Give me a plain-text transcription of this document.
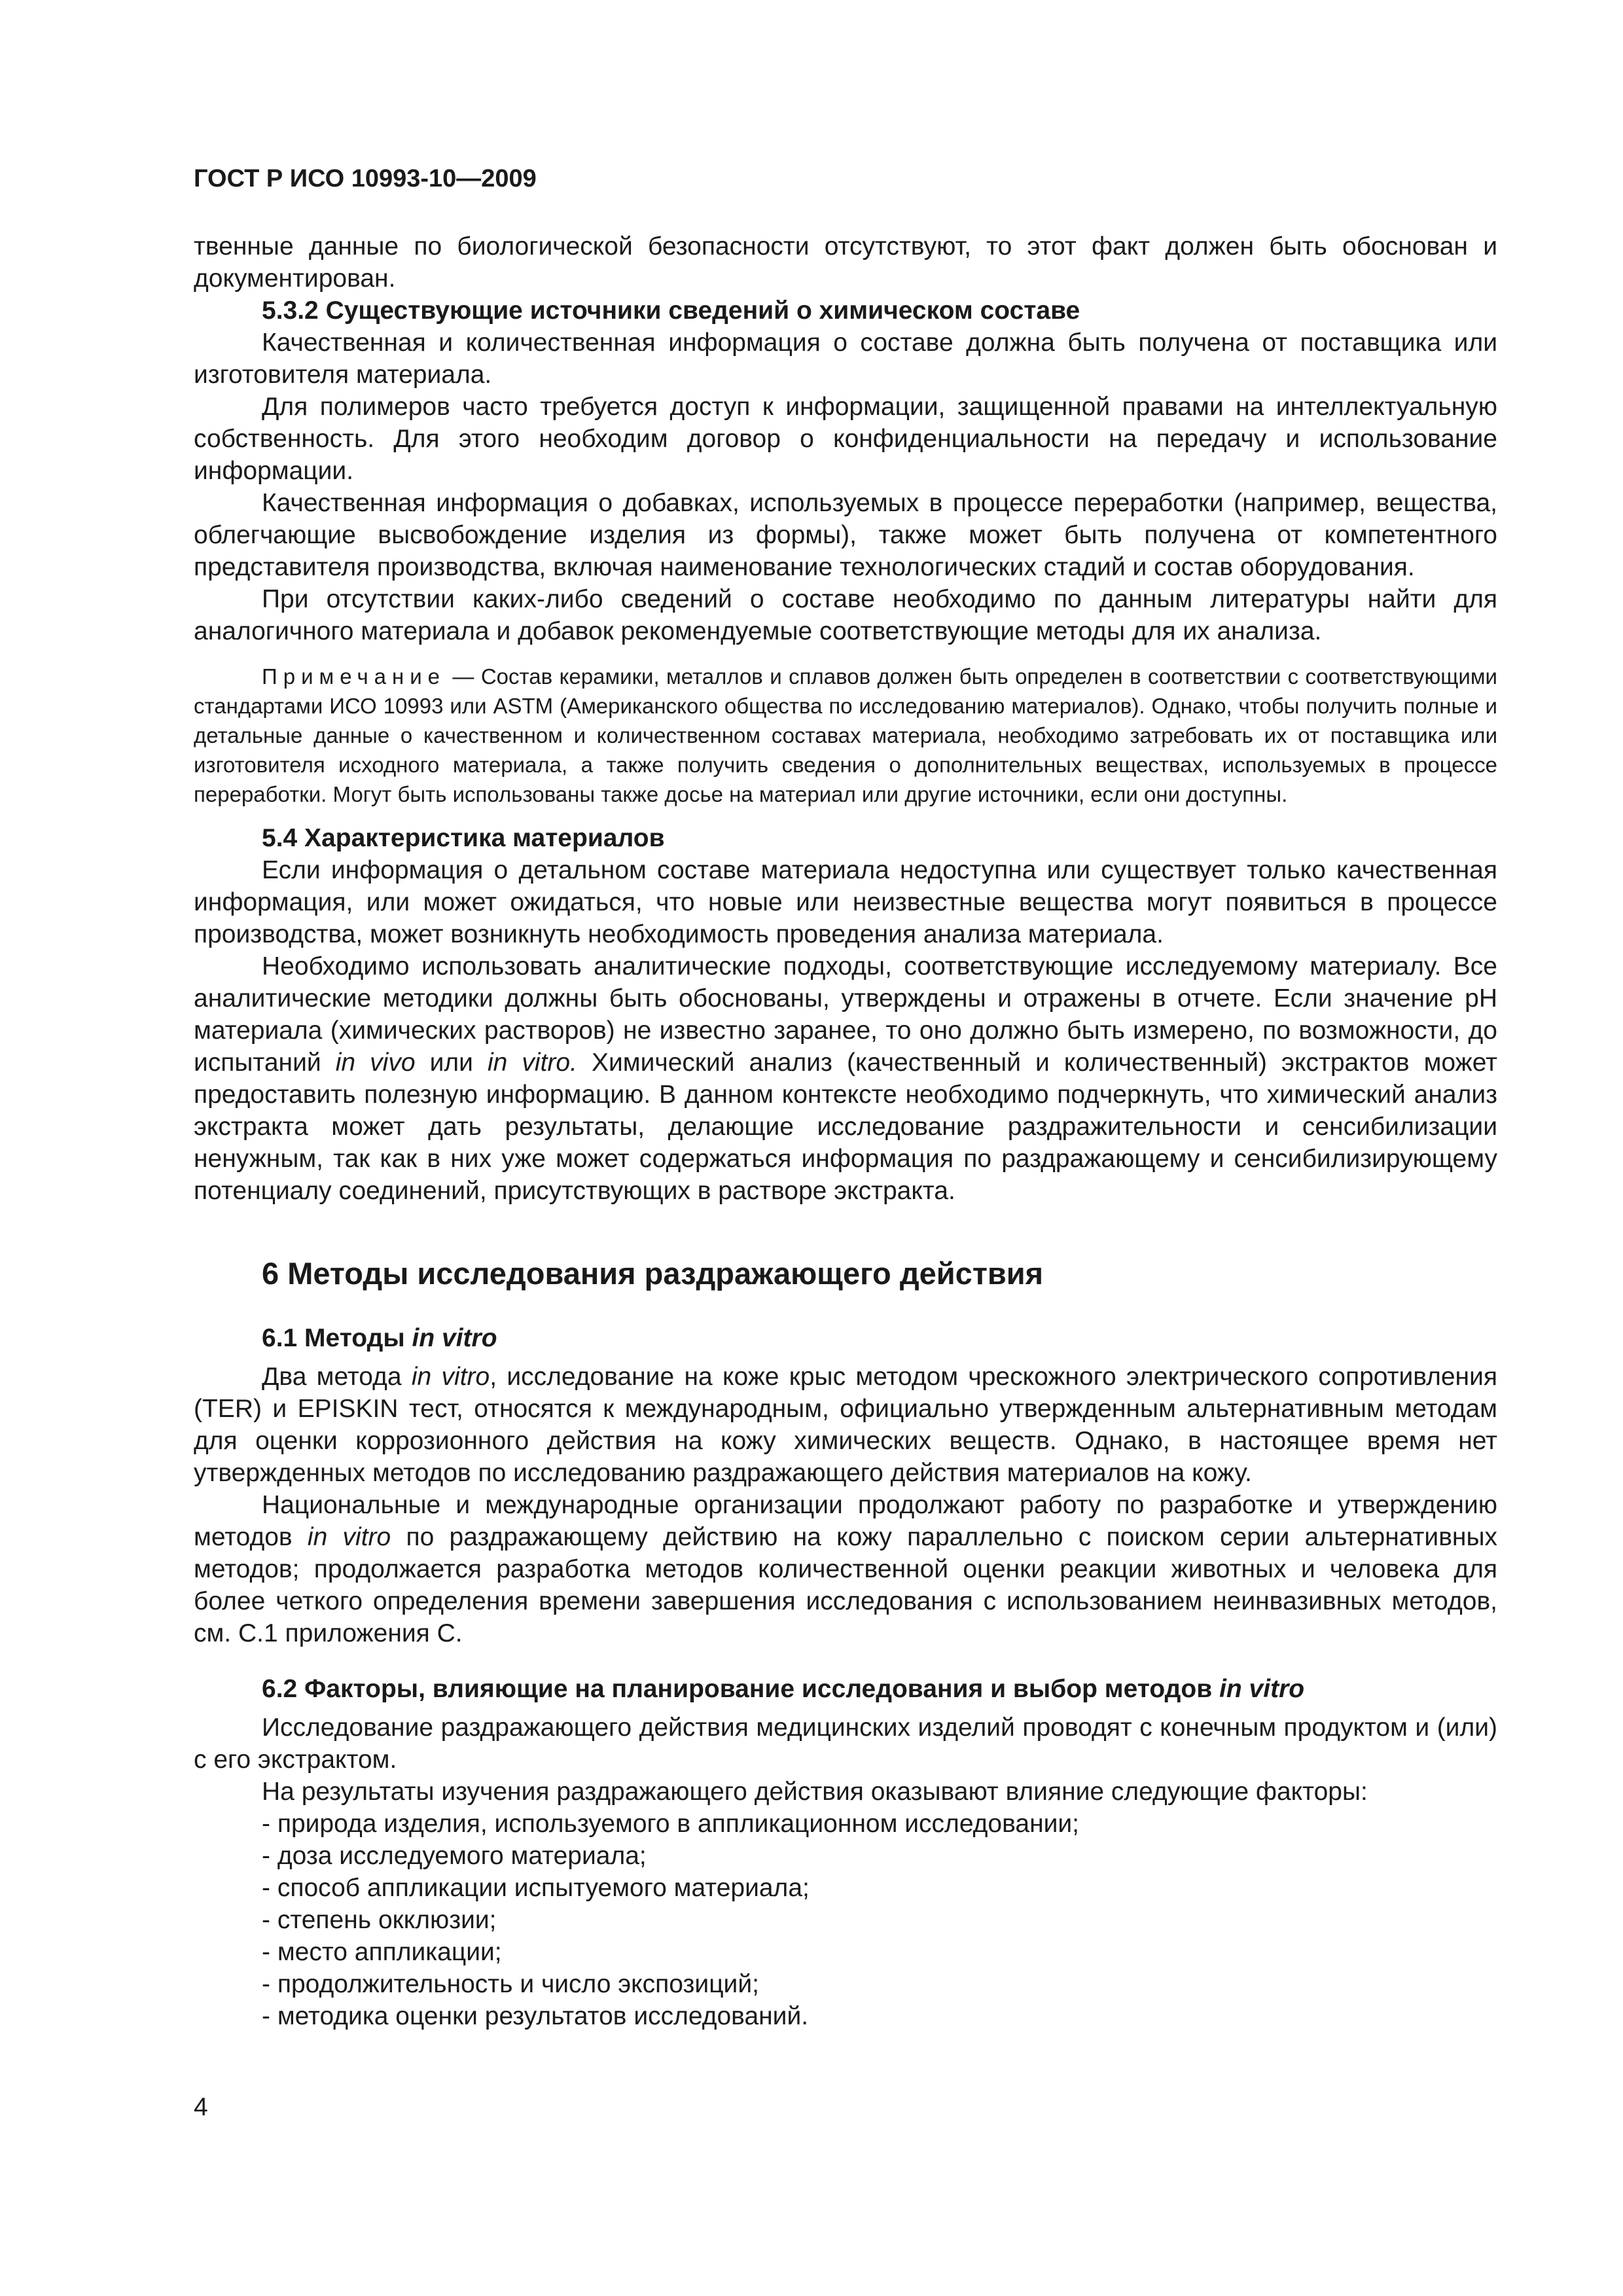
ГОСТ Р ИСО 10993-10—2009

твенные данные по биологической безопасности отсутствуют, то этот факт должен быть обоснован и документирован.

5.3.2 Существующие источники сведений о химическом составе

Качественная и количественная информация о составе должна быть получена от поставщика или изготовителя материала.

Для полимеров часто требуется доступ к информации, защищенной правами на интеллектуальную собственность. Для этого необходим договор о конфиденциальности на передачу и использование информации.

Качественная информация о добавках, используемых в процессе переработки (например, вещества, облегчающие высвобождение изделия из формы), также может быть получена от компетентного представителя производства, включая наименование технологических стадий и состав оборудования.

При отсутствии каких-либо сведений о составе необходимо по данным литературы найти для аналогичного материала и добавок рекомендуемые соответствующие методы для их анализа.

Примечание — Состав керамики, металлов и сплавов должен быть определен в соответствии с соответствующими стандартами ИСО 10993 или ASTM (Американского общества по исследованию материалов). Однако, чтобы получить полные и детальные данные о качественном и количественном составах материала, необходимо затребовать их от поставщика или изготовителя исходного материала, а также получить сведения о дополнительных веществах, используемых в процессе переработки. Могут быть использованы также досье на материал или другие источники, если они доступны.

5.4 Характеристика материалов

Если информация о детальном составе материала недоступна или существует только качественная информация, или может ожидаться, что новые или неизвестные вещества могут появиться в процессе производства, может возникнуть необходимость проведения анализа материала.

Необходимо использовать аналитические подходы, соответствующие исследуемому материалу. Все аналитические методики должны быть обоснованы, утверждены и отражены в отчете. Если значение pH материала (химических растворов) не известно заранее, то оно должно быть измерено, по возможности, до испытаний in vivo или in vitro. Химический анализ (качественный и количественный) экстрактов может предоставить полезную информацию. В данном контексте необходимо подчеркнуть, что химический анализ экстракта может дать результаты, делающие исследование раздражительности и сенсибилизации ненужным, так как в них уже может содержаться информация по раздражающему и сенсибилизирующему потенциалу соединений, присутствующих в растворе экстракта.

6 Методы исследования раздражающего действия

6.1 Методы in vitro

Два метода in vitro, исследование на коже крыс методом чрескожного электрического сопротивления (TER) и EPISKIN тест, относятся к международным, официально утвержденным альтернативным методам для оценки коррозионного действия на кожу химических веществ. Однако, в настоящее время нет утвержденных методов по исследованию раздражающего действия материалов на кожу.

Национальные и международные организации продолжают работу по разработке и утверждению методов in vitro по раздражающему действию на кожу параллельно с поиском серии альтернативных методов; продолжается разработка методов количественной оценки реакции животных и человека для более четкого определения времени завершения исследования с использованием неинвазивных методов, см. С.1 приложения С.

6.2 Факторы, влияющие на планирование исследования и выбор методов in vitro

Исследование раздражающего действия медицинских изделий проводят с конечным продуктом и (или) с его экстрактом.

На результаты изучения раздражающего действия оказывают влияние следующие факторы:

- природа изделия, используемого в аппликационном исследовании;
- доза исследуемого материала;
- способ аппликации испытуемого материала;
- степень окклюзии;
- место аппликации;
- продолжительность и число экспозиций;
- методика оценки результатов исследований.

4
